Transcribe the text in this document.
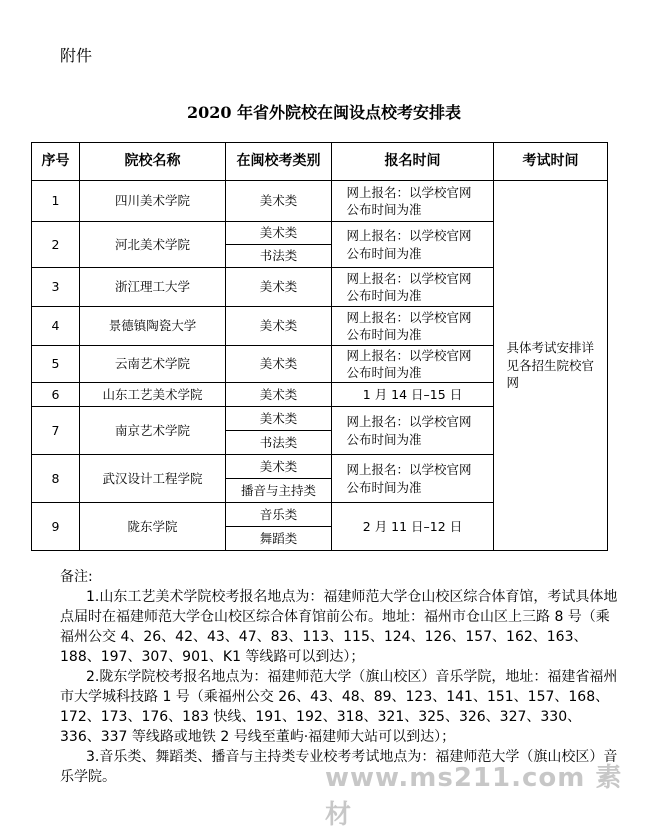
附件
2020 年省外院校在闽设点校考安排表
序号	院校名称	在闽校考类别	报名时间	考试时间
1	四川美术学院	美术类	网上报名：以学校官网公布时间为准	具体考试安排详见各招生院校官网
2	河北美术学院	美术类	网上报名：以学校官网公布时间为准	
		书法类		
3	浙江理工大学	美术类	网上报名：以学校官网公布时间为准	
4	景德镇陶瓷大学	美术类	网上报名：以学校官网公布时间为准	
5	云南艺术学院	美术类	网上报名：以学校官网公布时间为准	
6	山东工艺美术学院	美术类	1 月 14 日–15 日	
7	南京艺术学院	美术类	网上报名：以学校官网公布时间为准	
		书法类		
8	武汉设计工程学院	美术类	网上报名：以学校官网公布时间为准	
		播音与主持类		
9	陇东学院	音乐类	2 月 11 日–12 日	
		舞蹈类		

备注:

1.山东工艺美术学院校考报名地点为：福建师范大学仓山校区综合体育馆，考试具体地点届时在福建师范大学仓山校区综合体育馆前公布。地址：福州市仓山区上三路 8 号（乘福州公交 4、26、42、43、47、83、113、115、124、126、157、162、163、188、197、307、901、K1 等线路可以到达）；

2.陇东学院校考报名地点为：福建师范大学（旗山校区）音乐学院，地址：福建省福州市大学城科技路 1 号（乘福州公交 26、43、48、89、123、141、151、157、168、172、173、176、183 快线、191、192、318、321、325、326、327、330、336、337 等线路或地铁 2 号线至董屿·福建师大站可以到达）；

3.音乐类、舞蹈类、播音与主持类专业校考考试地点为：福建师范大学（旗山校区）音乐学院。	www.ms211.com 素材
